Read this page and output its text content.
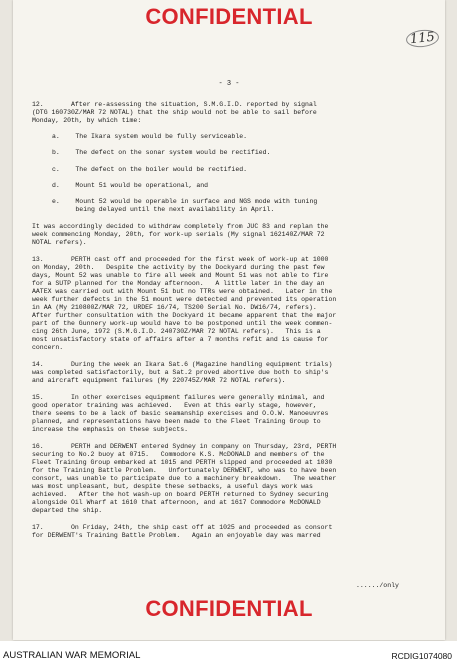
CONFIDENTIAL
115
- 3 -
12.       After re-assessing the situation, S.M.G.I.D. reported by signal
(DTG 160730Z/MAR 72 NOTAL) that the ship would not be able to sail before
Monday, 20th, by which time:
a.    The Ikara system would be fully serviceable.
b.    The defect on the sonar system would be rectified.
c.    The defect on the boiler would be rectified.
d.    Mount 51 would be operational, and
e.    Mount 52 would be operable in surface and NGS mode with tuning
being delayed until the next availability in April.
It was accordingly decided to withdraw completely from JUC 83 and replan the
week commencing Monday, 20th, for work-up serials (My signal 162140Z/MAR 72
NOTAL refers).
13.       PERTH cast off and proceeded for the first week of work-up at 1000
on Monday, 20th.   Despite the activity by the Dockyard during the past few
days, Mount 52 was unable to fire all week and Mount 51 was not able to fire
for a SUTP planned for the Monday afternoon.   A little later in the day an
AATEX was carried out with Mount 51 but no TTRs were obtained.   Later in the
week further defects in the 51 mount were detected and prevented its operation
in AA (My 210800Z/MAR 72, URDEF 16/74, TS200 Serial No. DW16/74, refers).
After further consultation with the Dockyard it became apparent that the major
part of the Gunnery work-up would have to be postponed until the week commen-
cing 26th June, 1972 (S.M.G.I.D. 240730Z/MAR 72 NOTAL refers).   This is a
most unsatisfactory state of affairs after a 7 months refit and is cause for
concern.
14.       During the week an Ikara Sat.6 (Magazine handling equipment trials)
was completed satisfactorily, but a Sat.2 proved abortive due both to ship's
and aircraft equipment failures (My 220745Z/MAR 72 NOTAL refers).
15.       In other exercises equipment failures were generally minimal, and
good operator training was achieved.   Even at this early stage, however,
there seems to be a lack of basic seamanship exercises and O.O.W. Manoeuvres
planned, and representations have been made to the Fleet Training Group to
increase the emphasis on these subjects.
16.       PERTH and DERWENT entered Sydney in company on Thursday, 23rd, PERTH
securing to No.2 buoy at 0715.   Commodore K.S. McDONALD and members of the
Fleet Training Group embarked at 1015 and PERTH slipped and proceeded at 1030
for the Training Battle Problem.   Unfortunately DERWENT, who was to have been
consort, was unable to participate due to a machinery breakdown.   The weather
was most unpleasant, but, despite these setbacks, a useful days work was
achieved.   After the hot wash-up on board PERTH returned to Sydney securing
alongside Oil Wharf at 1610 that afternoon, and at 1617 Commodore McDONALD
departed the ship.
17.       On Friday, 24th, the ship cast off at 1025 and proceeded as consort
for DERWENT's Training Battle Problem.   Again an enjoyable day was marred
....../only
CONFIDENTIAL
AUSTRALIAN WAR MEMORIAL	RCDIG1074080
